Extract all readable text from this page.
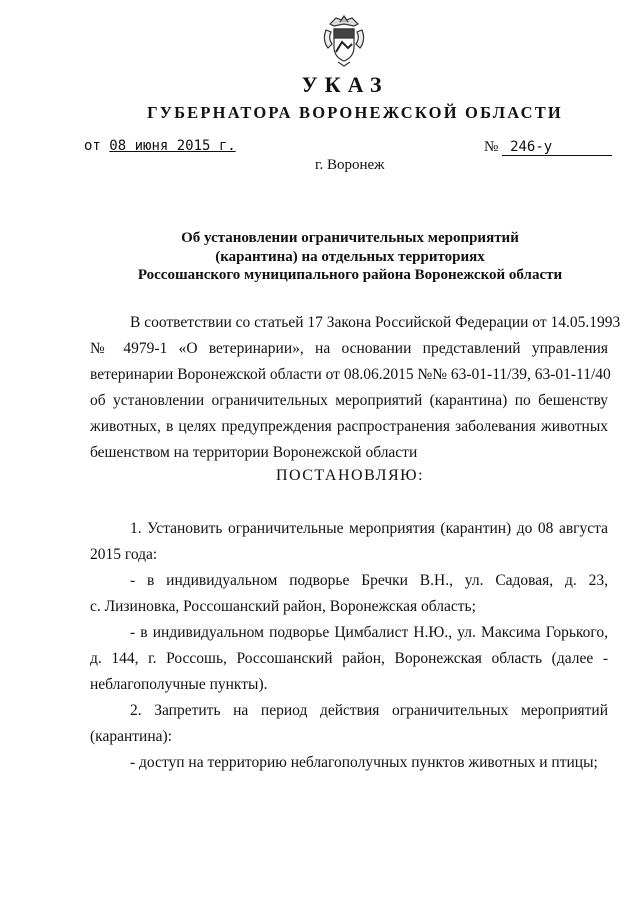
УКАЗ
ГУБЕРНАТОРА ВОРОНЕЖСКОЙ ОБЛАСТИ
от 08 июня 2015 г.	№ 246-у
г. Воронеж
Об установлении ограничительных мероприятий
(карантина) на отдельных территориях
Россошанского муниципального района Воронежской области
В соответствии со статьей 17 Закона Российской Федерации от 14.05.1993
№ 4979-1 «О ветеринарии», на основании представлений управления
ветеринарии Воронежской области от 08.06.2015 №№ 63-01-11/39, 63-01-11/40
об установлении ограничительных мероприятий (карантина) по бешенству
животных, в целях предупреждения распространения заболевания животных
бешенством на территории Воронежской области
ПОСТАНОВЛЯЮ:
1. Установить ограничительные мероприятия (карантин) до 08 августа
2015 года:
- в индивидуальном подворье Бречки В.Н., ул. Садовая, д. 23,
с. Лизиновка, Россошанский район, Воронежская область;
- в индивидуальном подворье Цимбалист Н.Ю., ул. Максима Горького,
д. 144, г. Россошь, Россошанский район, Воронежская область (далее -
неблагополучные пункты).
2. Запретить на период действия ограничительных мероприятий
(карантина):
- доступ на территорию неблагополучных пунктов животных и птицы;
